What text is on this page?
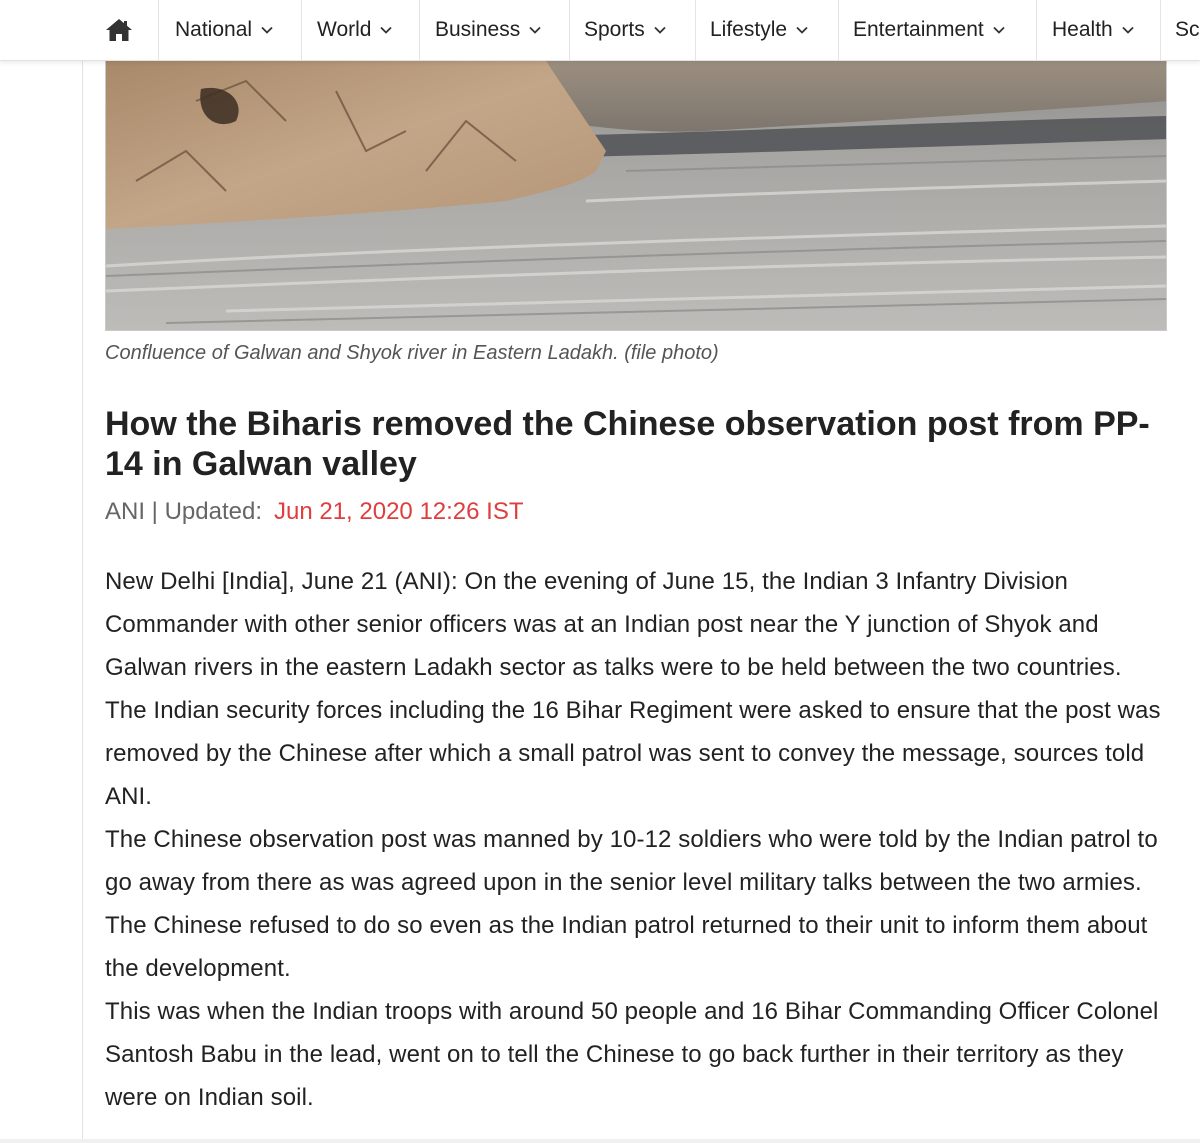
Confluence of Galwan and Shyok river in Eastern Ladakh. (file photo)
How the Biharis removed the Chinese observation post from PP-14 in Galwan valley
ANI | Updated: Jun 21, 2020 12:26 IST

New Delhi [India], June 21 (ANI): On the evening of June 15, the Indian 3 Infantry Division Commander with other senior officers was at an Indian post near the Y junction of Shyok and Galwan rivers in the eastern Ladakh sector as talks were to be held between the two countries.

The Indian security forces including the 16 Bihar Regiment were asked to ensure that the post was removed by the Chinese after which a small patrol was sent to convey the message, sources told ANI.

The Chinese observation post was manned by 10-12 soldiers who were told by the Indian patrol to go away from there as was agreed upon in the senior level military talks between the two armies. The Chinese refused to do so even as the Indian patrol returned to their unit to inform them about the development.

This was when the Indian troops with around 50 people and 16 Bihar Commanding Officer Colonel Santosh Babu in the lead, went on to tell the Chinese to go back further in their territory as they were on Indian soil.

National	World	Business	Sports	Lifestyle	Entertainment	Health	Sc
